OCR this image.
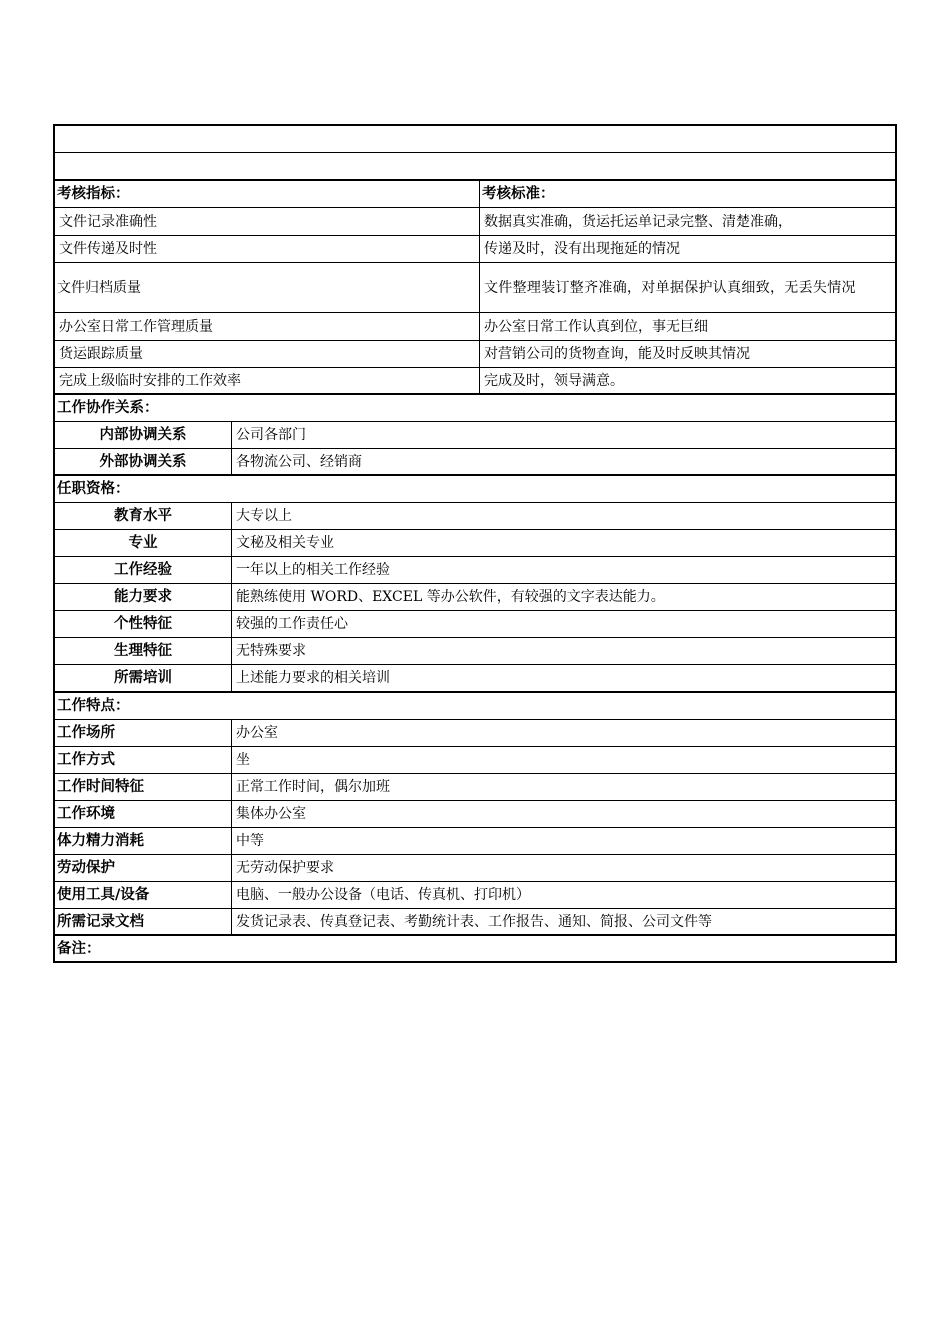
考核指标：	考核标准：
文件记录准确性	数据真实准确，货运托运单记录完整、清楚准确，
文件传递及时性	传递及时，没有出现拖延的情况
文件归档质量	文件整理装订整齐准确，对单据保护认真细致，无丢失情况
办公室日常工作管理质量	办公室日常工作认真到位，事无巨细
货运跟踪质量	对营销公司的货物查询，能及时反映其情况
完成上级临时安排的工作效率	完成及时，领导满意。
工作协作关系：
内部协调关系	公司各部门
外部协调关系	各物流公司、经销商
任职资格：
教育水平	大专以上
专业	文秘及相关专业
工作经验	一年以上的相关工作经验
能力要求	能熟练使用 WORD、EXCEL 等办公软件，有较强的文字表达能力。
个性特征	较强的工作责任心
生理特征	无特殊要求
所需培训	上述能力要求的相关培训
工作特点：
工作场所	办公室
工作方式	坐
工作时间特征	正常工作时间，偶尔加班
工作环境	集体办公室
体力精力消耗	中等
劳动保护	无劳动保护要求
使用工具/设备	电脑、一般办公设备（电话、传真机、打印机）
所需记录文档	发货记录表、传真登记表、考勤统计表、工作报告、通知、简报、公司文件等
备注：
